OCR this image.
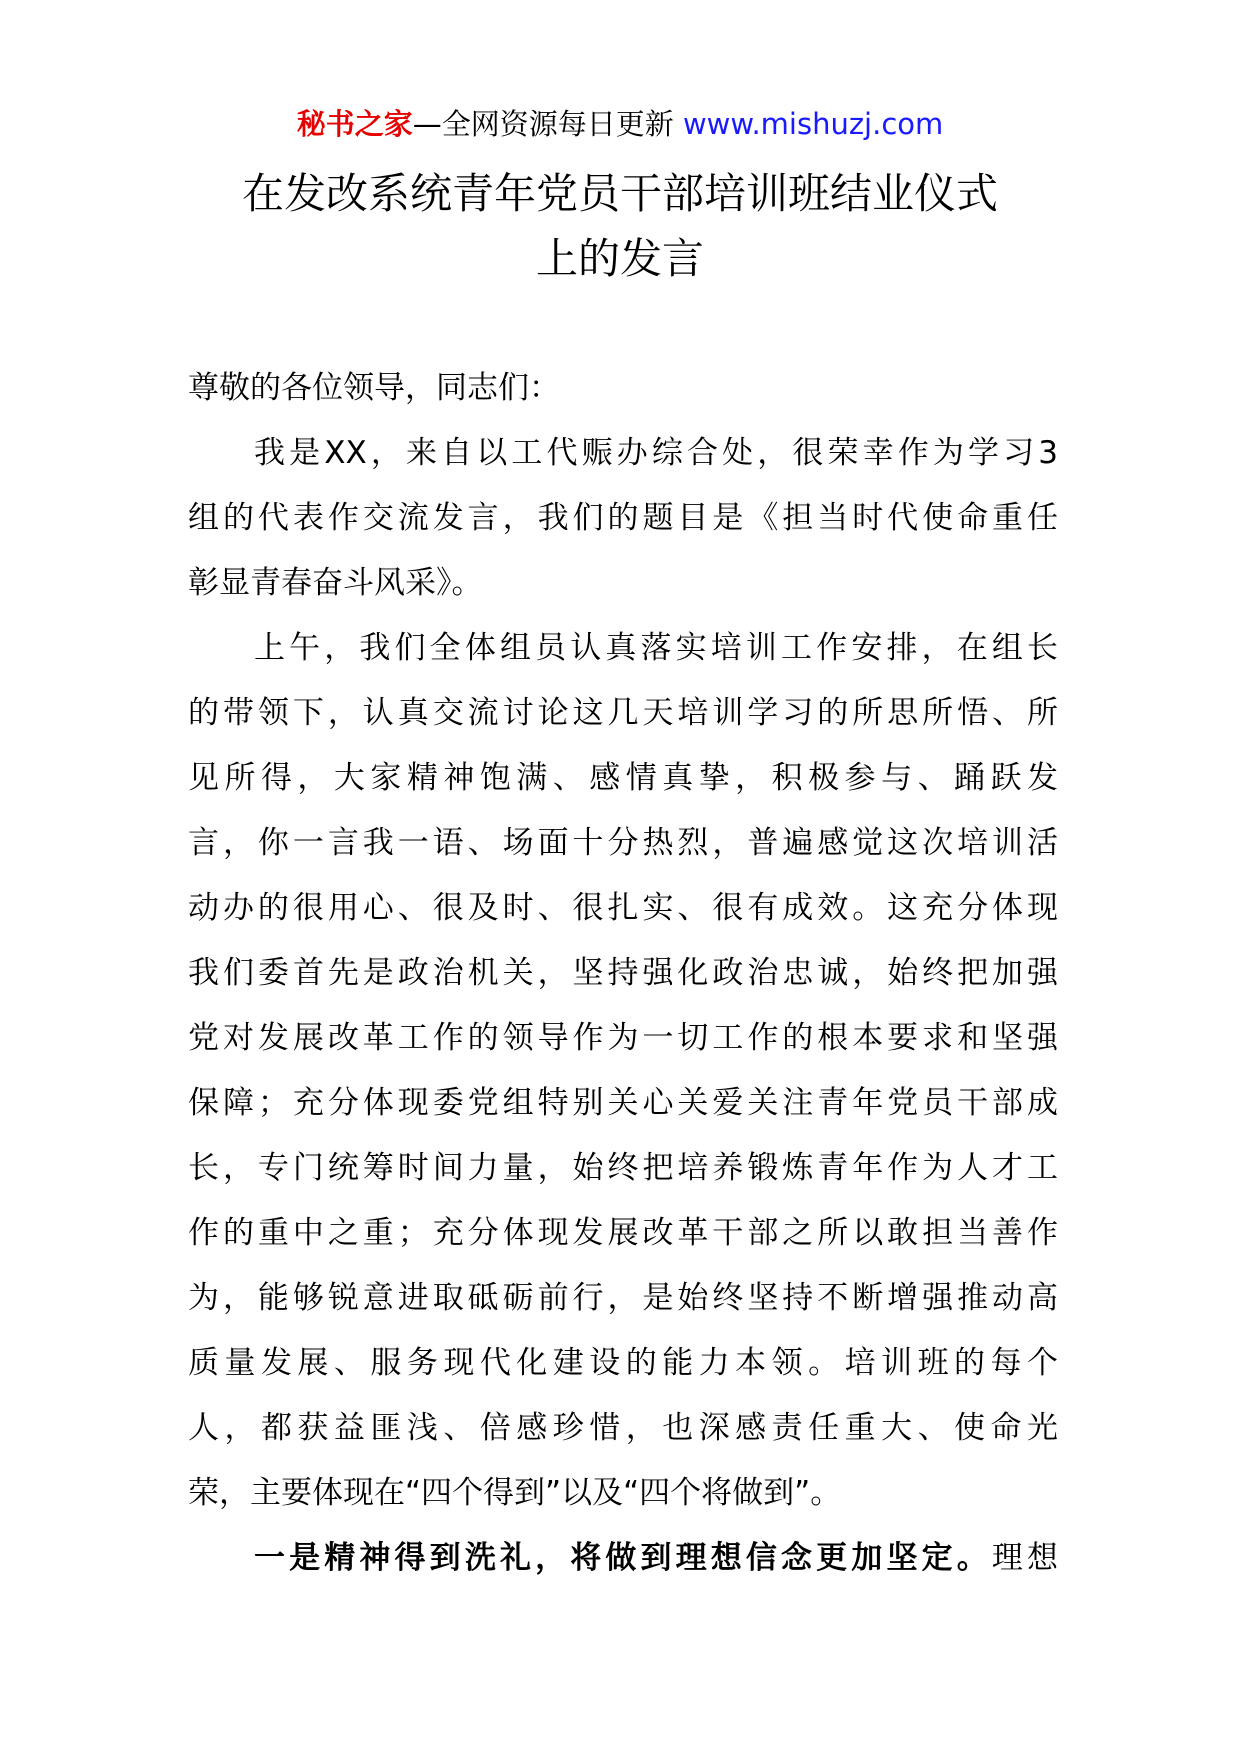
秘书之家—全网资源每日更新 www.mishuzj.com
在发改系统青年党员干部培训班结业仪式
上的发言
尊敬的各位领导，同志们：
我是XX，来自以工代赈办综合处，很荣幸作为学习3
组的代表作交流发言，我们的题目是《担当时代使命重任
彰显青春奋斗风采》。
上午，我们全体组员认真落实培训工作安排，在组长
的带领下，认真交流讨论这几天培训学习的所思所悟、所
见所得，大家精神饱满、感情真挚，积极参与、踊跃发
言，你一言我一语、场面十分热烈，普遍感觉这次培训活
动办的很用心、很及时、很扎实、很有成效。这充分体现
我们委首先是政治机关，坚持强化政治忠诚，始终把加强
党对发展改革工作的领导作为一切工作的根本要求和坚强
保障；充分体现委党组特别关心关爱关注青年党员干部成
长，专门统筹时间力量，始终把培养锻炼青年作为人才工
作的重中之重；充分体现发展改革干部之所以敢担当善作
为，能够锐意进取砥砺前行，是始终坚持不断增强推动高
质量发展、服务现代化建设的能力本领。培训班的每个
人，都获益匪浅、倍感珍惜，也深感责任重大、使命光
荣，主要体现在“四个得到”以及“四个将做到”。
一是精神得到洗礼，将做到理想信念更加坚定。理想
